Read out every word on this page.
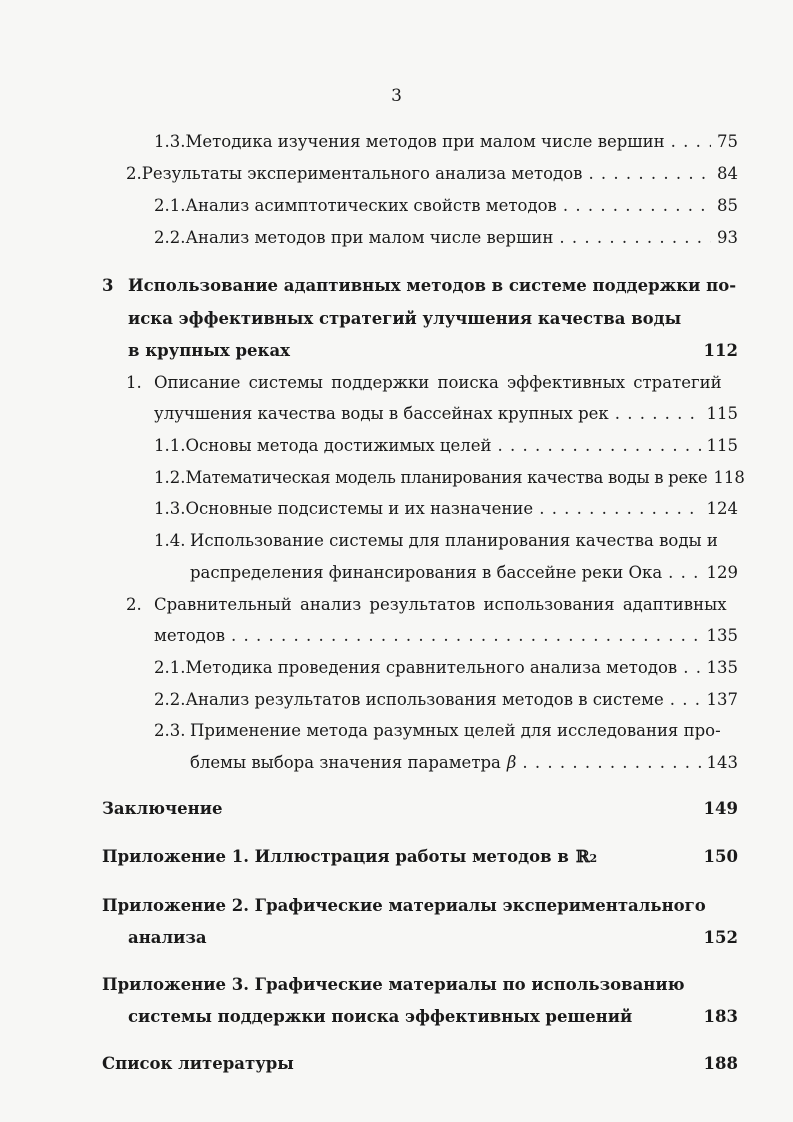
3
1.3. Методика изучения методов при малом числе вершин . . .	75
2. Результаты экспериментального анализа методов . . .	84
2.1. Анализ асимптотических свойств методов . . .	85
2.2. Анализ методов при малом числе вершин . . .	93
3 Использование адаптивных методов в системе поддержки по-
иска эффективных стратегий улучшения качества воды
в крупных реках	112
1. Описание системы поддержки поиска эффективных стратегий
улучшения качества воды в бассейнах крупных рек . . .	115
1.1. Основы метода достижимых целей . . .	115
1.2. Математическая модель планирования качества воды в реке 118
1.3. Основные подсистемы и их назначение . . .	124
1.4. Использование системы для планирования качества воды и
распределения финансирования в бассейне реки Ока . . .	129
2. Сравнительный анализ результатов использования адаптивных
методов . . .	135
2.1. Методика проведения сравнительного анализа методов . . . 135
2.2. Анализ результатов использования методов в системе . . .	137
2.3. Применение метода разумных целей для исследования про-
блемы выбора значения параметра β . . .	143
Заключение	149
Приложение 1. Иллюстрация работы методов в ℝ 2	150
Приложение 2. Графические материалы экспериментального
анализа	152
Приложение 3. Графические материалы по использованию
системы поддержки поиска эффективных решений	183
Список литературы	188
